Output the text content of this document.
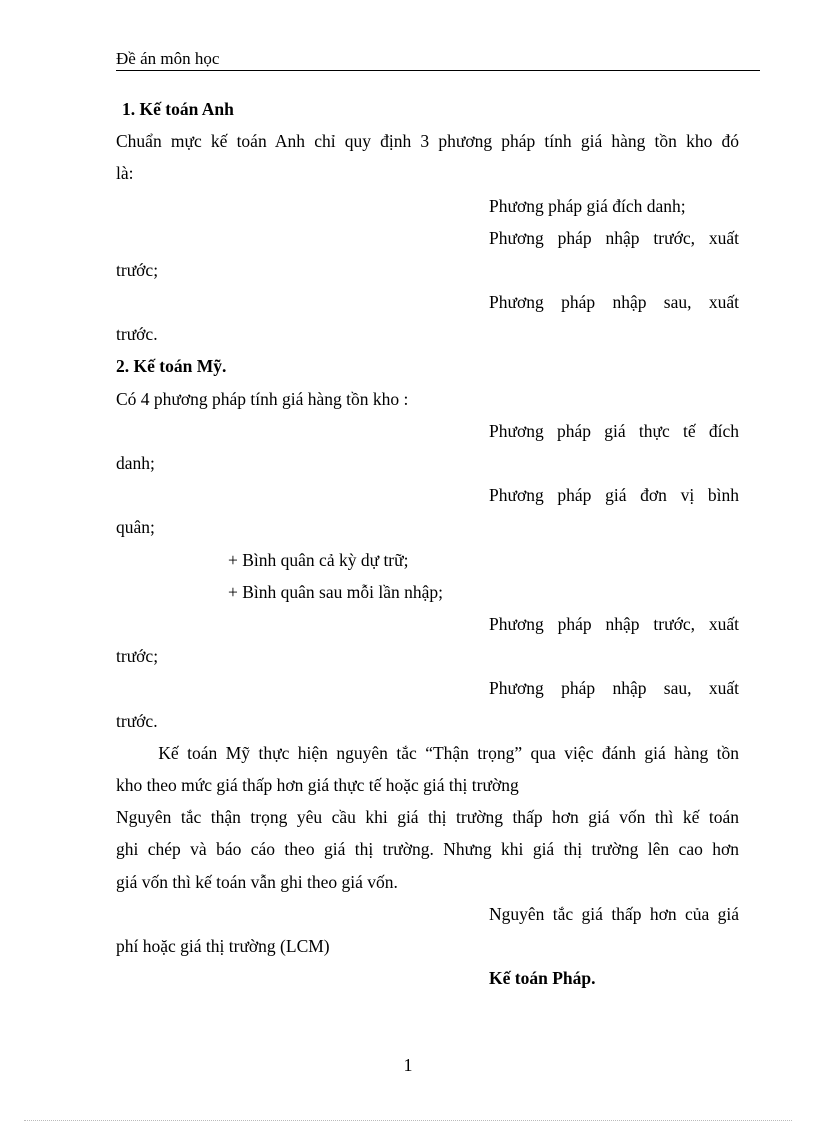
Đề án môn học
1. Kế toán Anh
Chuẩn mực kế toán Anh chỉ quy định 3 phương pháp tính giá hàng tồn kho đó
là:
Phương pháp giá đích danh;
Phương pháp nhập trước, xuất
trước;
Phương pháp nhập sau, xuất
trước.
2. Kế toán Mỹ.
Có 4 phương pháp tính giá hàng tồn kho :
Phương pháp giá thực tế đích
danh;
Phương pháp giá đơn vị bình
quân;
+ Bình quân cả kỳ dự trữ;
+ Bình quân sau mỗi lần nhập;
Phương pháp nhập trước, xuất
trước;
Phương pháp nhập sau, xuất
trước.
Kế toán Mỹ thực hiện nguyên tắc “Thận trọng” qua việc đánh giá hàng tồn
kho theo mức giá thấp hơn giá thực tế hoặc giá thị trường
Nguyên tắc thận trọng yêu cầu khi giá thị trường thấp hơn giá vốn thì kế toán
ghi chép và báo cáo theo giá thị trường. Nhưng khi giá thị trường lên cao hơn
giá vốn thì kế toán vẫn ghi theo giá vốn.
Nguyên tắc giá thấp hơn của giá
phí hoặc giá thị trường (LCM)
Kế toán Pháp.
1
